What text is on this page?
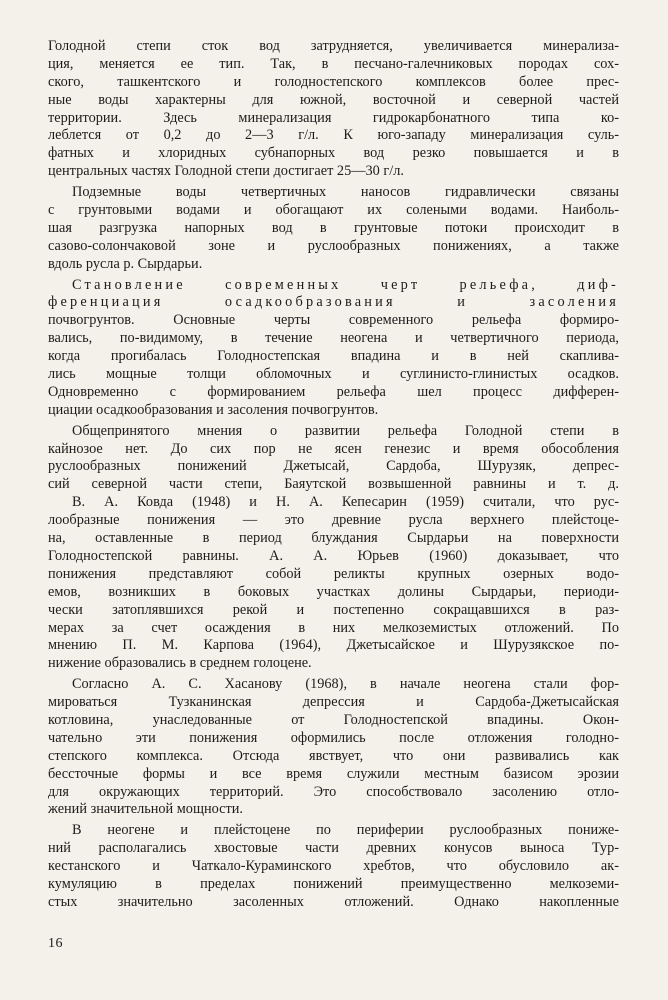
Голодной степи сток вод затрудняется, увеличивается минерализа-
ция, меняется ее тип. Так, в песчано-галечниковых породах сох-
ского, ташкентского и голодностепского комплексов более прес-
ные воды характерны для южной, восточной и северной частей
территории. Здесь минерализация гидрокарбонатного типа ко-
леблется от 0,2 до 2—3 г/л. К юго-западу минерализация суль-
фатных и хлоридных субнапорных вод резко повышается и в
центральных частях Голодной степи достигает 25—30 г/л.
Подземные воды четвертичных наносов гидравлически связаны
с грунтовыми водами и обогащают их солеными водами. Наиболь-
шая разгрузка напорных вод в грунтовые потоки происходит в
сазово-солончаковой зоне и руслообразных понижениях, а также
вдоль русла р. Сырдарьи.
Становление современных черт рельефа, диф-
ференциация осадкообразования и засоления
почвогрунтов. Основные черты современного рельефа формиро-
вались, по-видимому, в течение неогена и четвертичного периода,
когда прогибалась Голодностепская впадина и в ней скаплива-
лись мощные толщи обломочных и суглинисто-глинистых осадков.
Одновременно с формированием рельефа шел процесс дифферен-
циации осадкообразования и засоления почвогрунтов.
Общепринятого мнения о развитии рельефа Голодной степи в
кайнозое нет. До сих пор не ясен генезис и время обособления
руслообразных понижений Джетысай, Сардоба, Шурузяк, депрес-
сий северной части степи, Баяутской возвышенной равнины и т. д.
В. А. Ковда (1948) и Н. А. Кепесарин (1959) считали, что рус-
лообразные понижения — это древние русла верхнего плейстоце-
на, оставленные в период блуждания Сырдарьи на поверхности
Голодностепской равнины. А. А. Юрьев (1960) доказывает, что
понижения представляют собой реликты крупных озерных водо-
емов, возникших в боковых участках долины Сырдарьи, периоди-
чески затоплявшихся рекой и постепенно сокращавшихся в раз-
мерах за счет осаждения в них мелкоземистых отложений. По
мнению П. М. Карпова (1964), Джетысайское и Шурузякское по-
нижение образовались в среднем голоцене.
Согласно А. С. Хасанову (1968), в начале неогена стали фор-
мироваться Тузканинская депрессия и Сардоба-Джетысайская
котловина, унаследованные от Голодностепской впадины. Окон-
чательно эти понижения оформились после отложения голодно-
степского комплекса. Отсюда явствует, что они развивались как
бессточные формы и все время служили местным базисом эрозии
для окружающих территорий. Это способствовало засолению отло-
жений значительной мощности.
В неогене и плейстоцене по периферии руслообразных пониже-
ний располагались хвостовые части древних конусов выноса Тур-
кестанского и Чаткало-Кураминского хребтов, что обусловило ак-
кумуляцию в пределах понижений преимущественно мелкоземи-
стых значительно засоленных отложений. Однако накопленные
16
